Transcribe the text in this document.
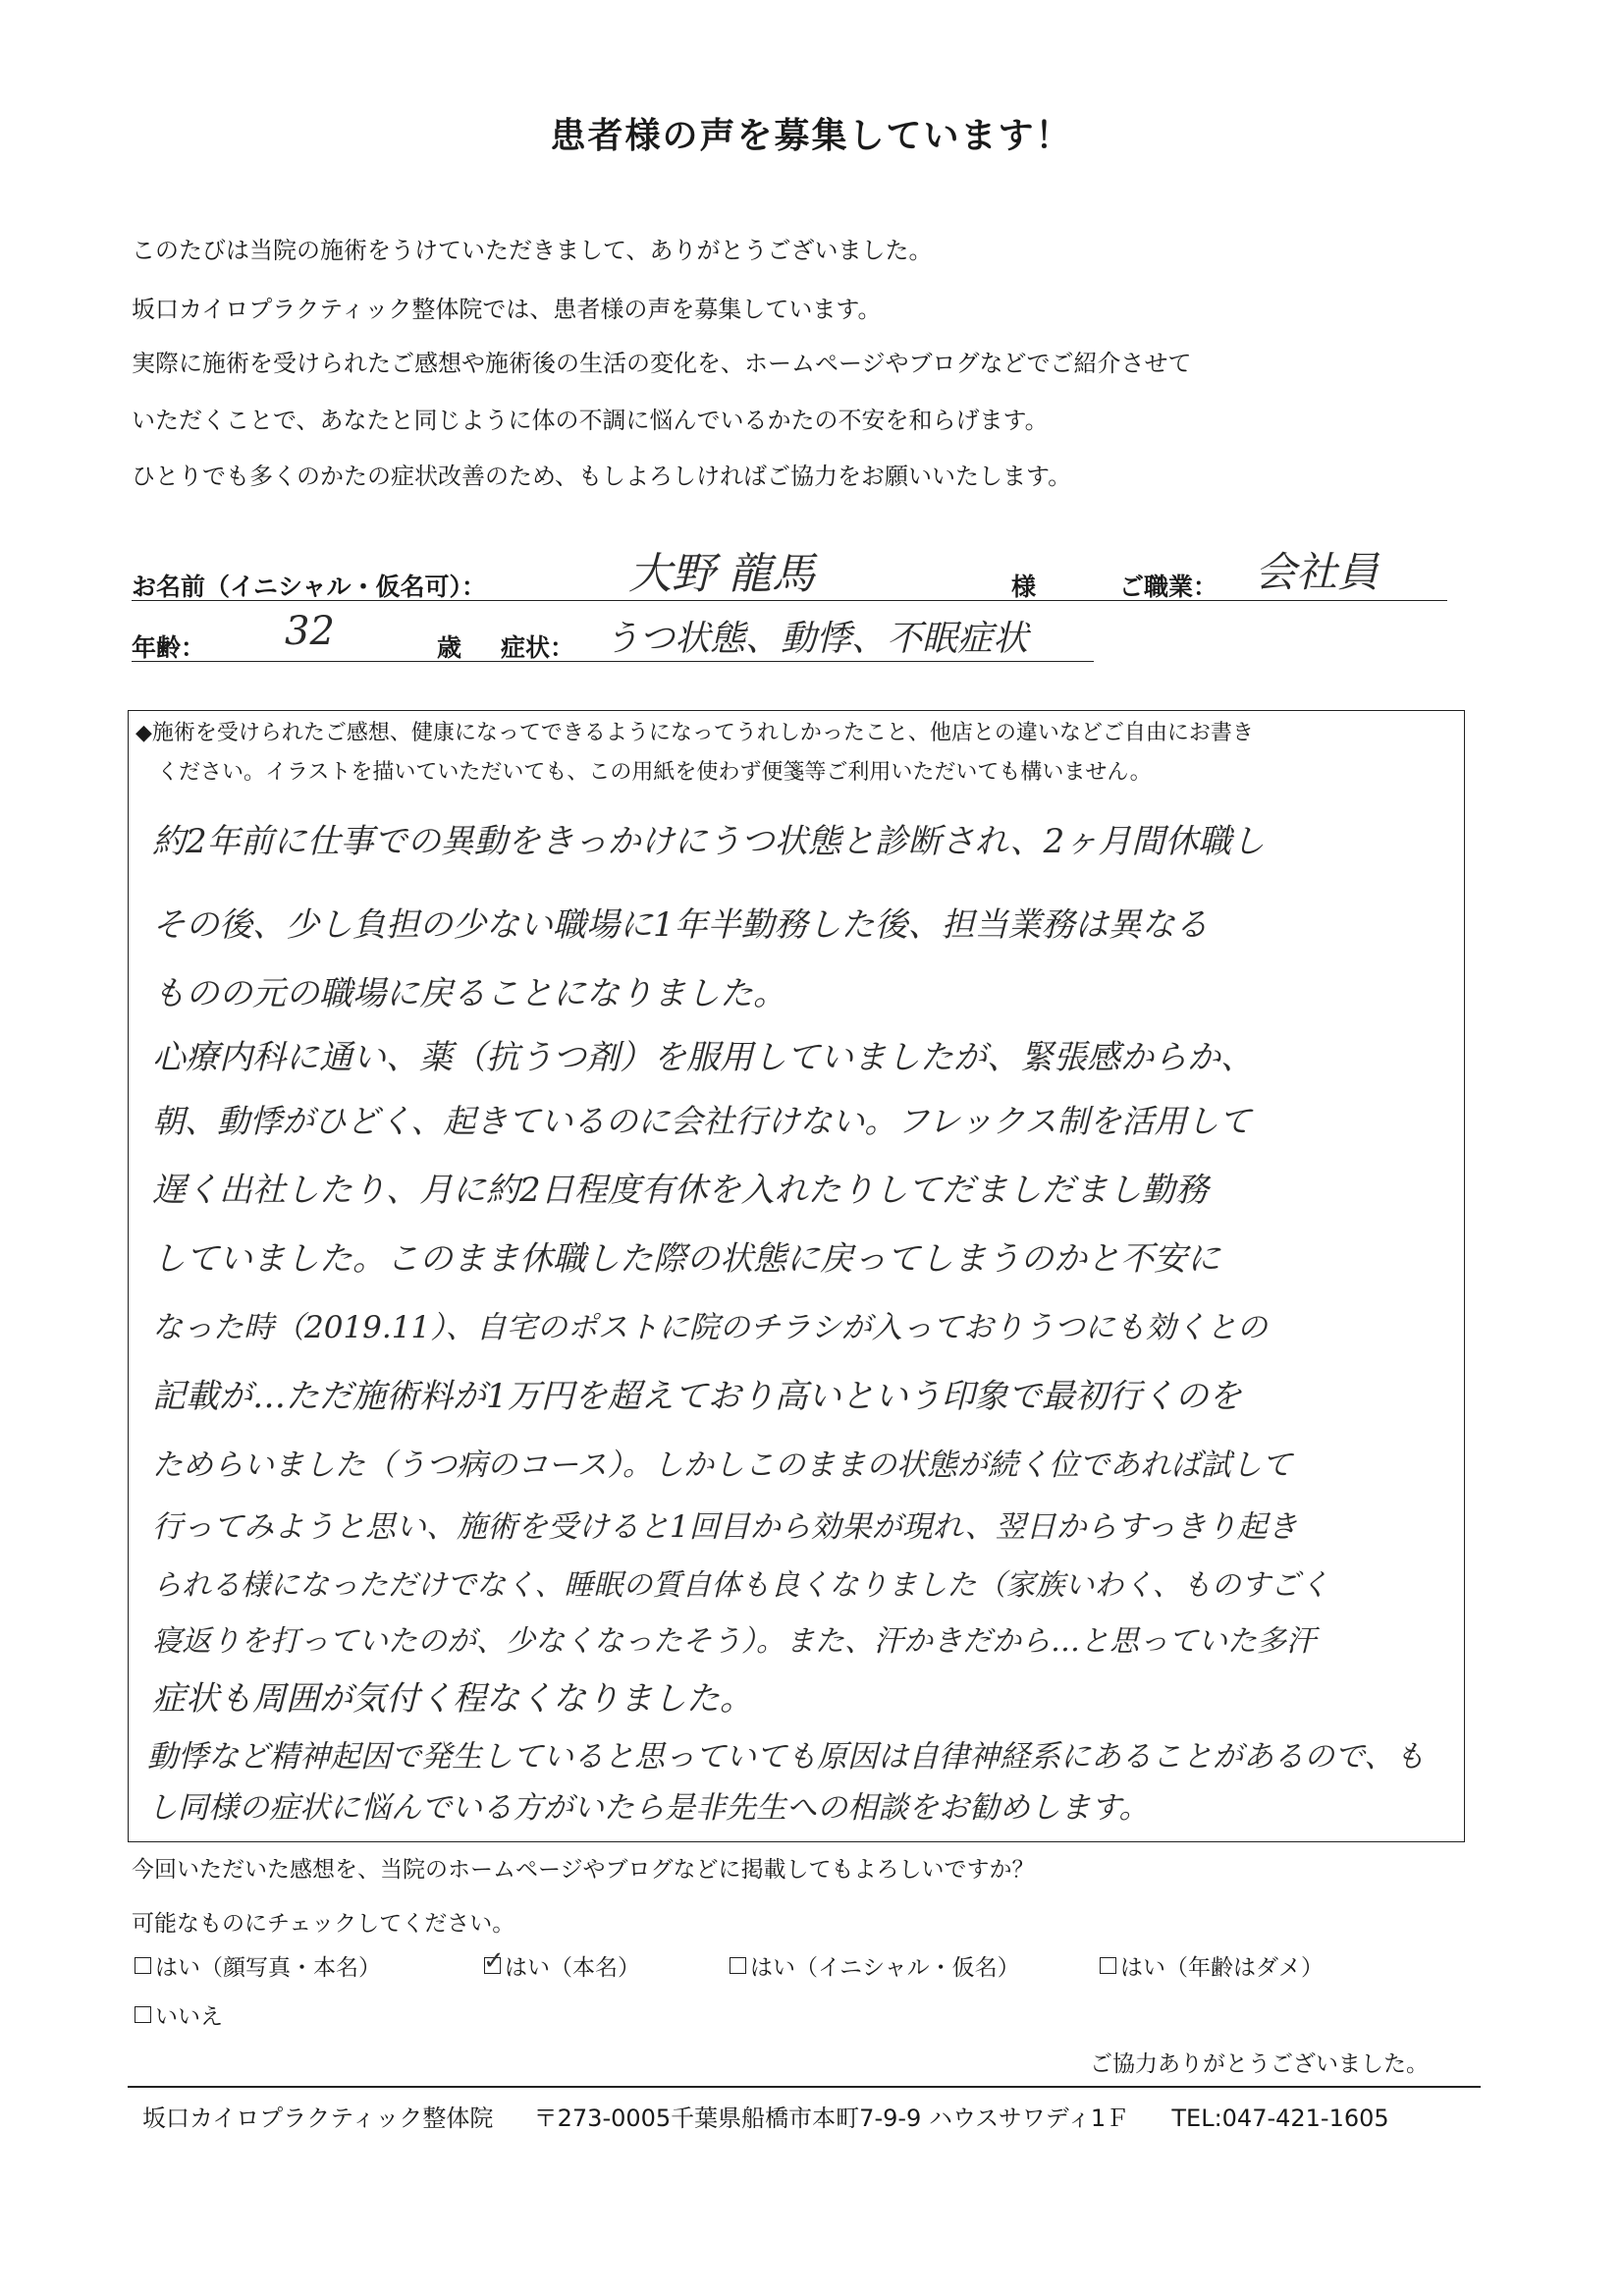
患者様の声を募集しています！
このたびは当院の施術をうけていただきまして、ありがとうございました。
坂口カイロプラクティック整体院では、患者様の声を募集しています。
実際に施術を受けられたご感想や施術後の生活の変化を、ホームページやブログなどでご紹介させて
いただくことで、あなたと同じように体の不調に悩んでいるかたの不安を和らげます。
ひとりでも多くのかたの症状改善のため、もしよろしければご協力をお願いいたします。
お名前（イニシャル・仮名可）：	大野 龍馬	様	ご職業： 会社員
年齢： 32	歳 症状： うつ状態、動悸、不眠症状
◆施術を受けられたご感想、健康になってできるようになってうれしかったこと、他店との違いなどご自由にお書き
ください。イラストを描いていただいても、この用紙を使わず便箋等ご利用いただいても構いません。
約2年前に仕事での異動をきっかけにうつ状態と診断され、2ヶ月間休職し
その後、少し負担の少ない職場に1年半勤務した後、担当業務は異なる
ものの元の職場に戻ることになりました。
心療内科に通い、薬（抗うつ剤）を服用していましたが、緊張感からか、
朝、動悸がひどく、起きているのに会社行けない。フレックス制を活用して
遅く出社したり、月に約2日程度有休を入れたりしてだましだまし勤務
していました。このまま休職した際の状態に戻ってしまうのかと不安に
なった時（2019.11）、自宅のポストに院のチラシが入っておりうつにも効くとの
記載が…ただ施術料が1万円を超えており高いという印象で最初行くのを
ためらいました（うつ病のコース）。しかしこのままの状態が続く位であれば試して
行ってみようと思い、施術を受けると1回目から効果が現れ、翌日からすっきり起き
られる様になっただけでなく、睡眠の質自体も良くなりました（家族いわく、ものすごく
寝返りを打っていたのが、少なくなったそう）。また、汗かきだから…と思っていた多汗
症状も周囲が気付く程なくなりました。
動悸など精神起因で発生していると思っていても原因は自律神経系にあることがあるので、もし同様の症状に悩んでいる方がいたら是非先生への相談をお勧めします。
今回いただいた感想を、当院のホームページやブログなどに掲載してもよろしいですか？
可能なものにチェックしてください。
はい（顔写真・本名）
✓	はい（本名）	はい（イニシャル・仮名）	はい（年齢はダメ）
いいえ
ご協力ありがとうございました。
坂口カイロプラクティック整体院 〒273-0005千葉県船橋市本町7-9-9 ハウスサワディ1Ｆ TEL:047-421-1605
